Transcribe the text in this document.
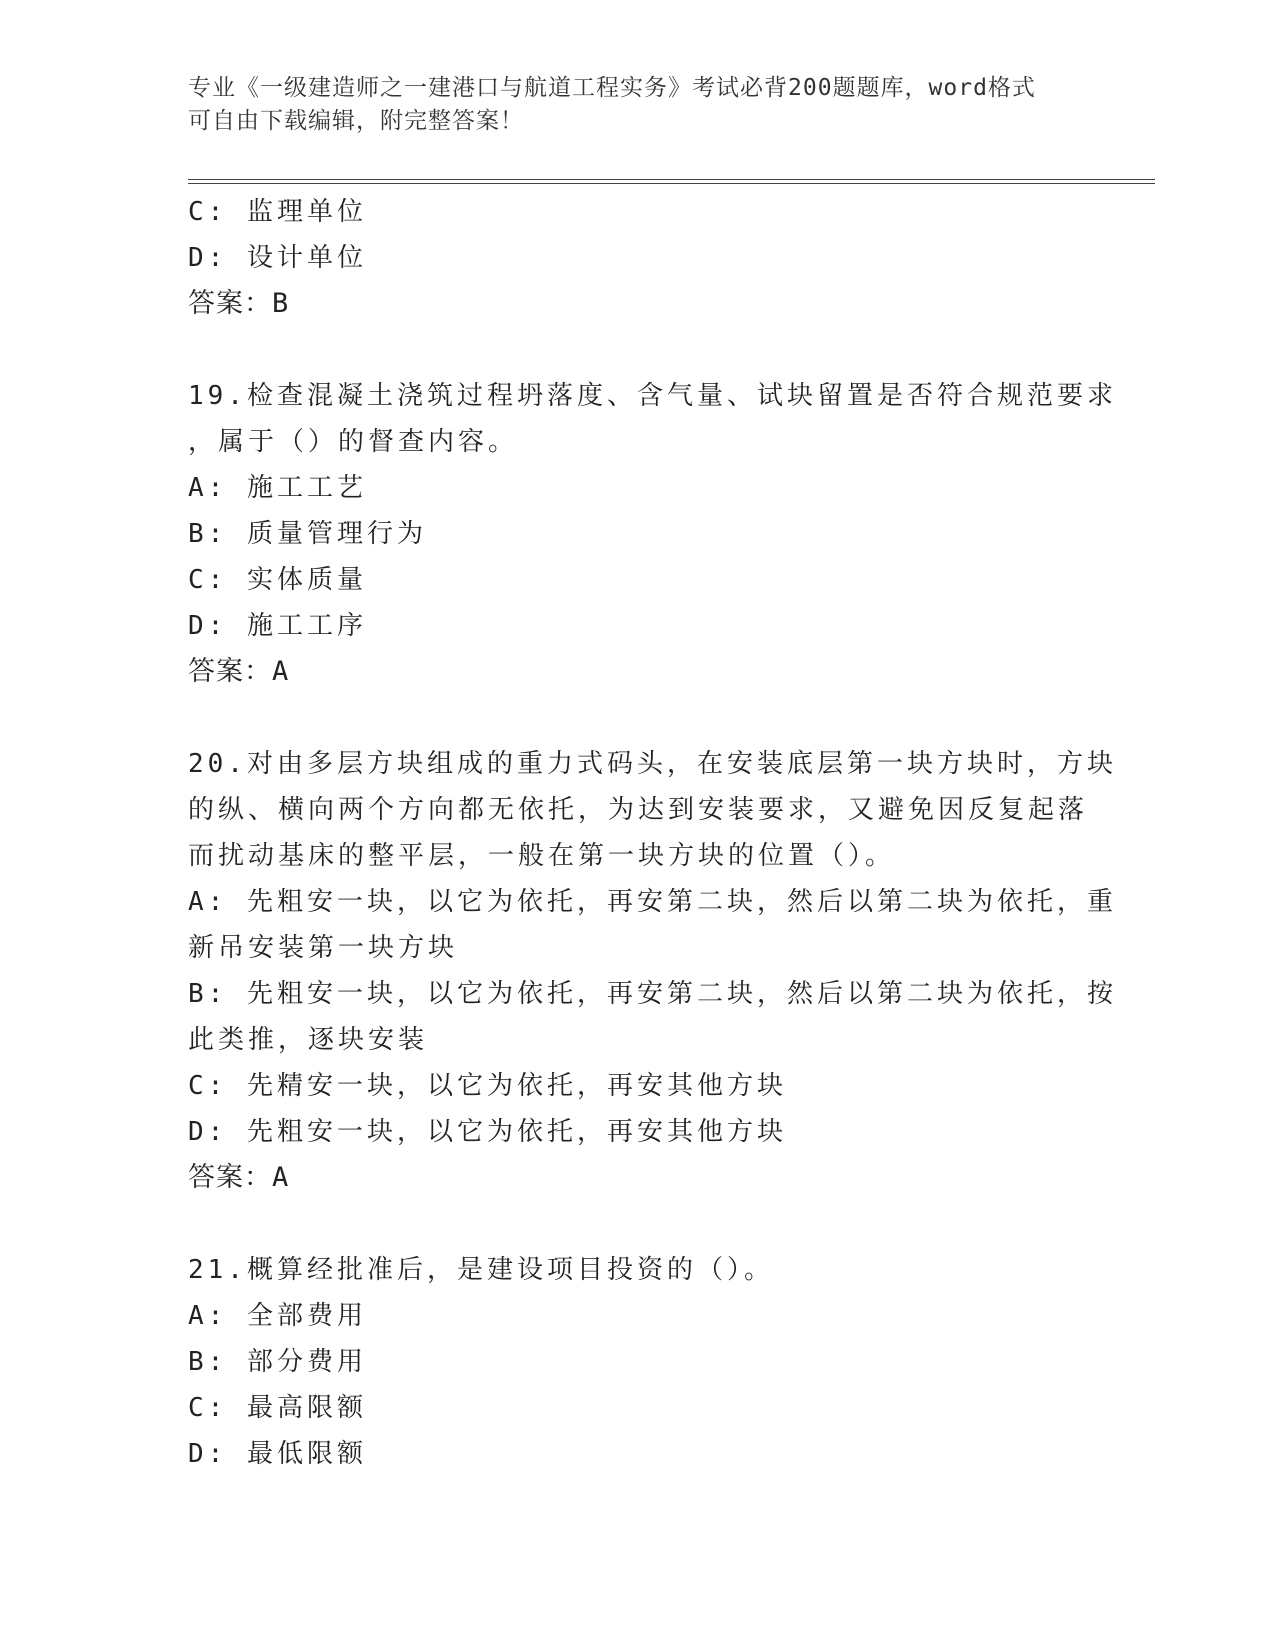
专业《一级建造师之一建港口与航道工程实务》考试必背200题题库，word格式
可自由下载编辑，附完整答案！
C: 监理单位
D: 设计单位
答案：B
19.检查混凝土浇筑过程坍落度、含气量、试块留置是否符合规范要求
，属于（）的督查内容。
A: 施工工艺
B: 质量管理行为
C: 实体质量
D: 施工工序
答案：A
20.对由多层方块组成的重力式码头，在安装底层第一块方块时，方块
的纵、横向两个方向都无依托，为达到安装要求，又避免因反复起落
而扰动基床的整平层，一般在第一块方块的位置（）。
A: 先粗安一块，以它为依托，再安第二块，然后以第二块为依托，重
新吊安装第一块方块
B: 先粗安一块，以它为依托，再安第二块，然后以第二块为依托，按
此类推，逐块安装
C: 先精安一块，以它为依托，再安其他方块
D: 先粗安一块，以它为依托，再安其他方块
答案：A
21.概算经批准后，是建设项目投资的（）。
A: 全部费用
B: 部分费用
C: 最高限额
D: 最低限额
